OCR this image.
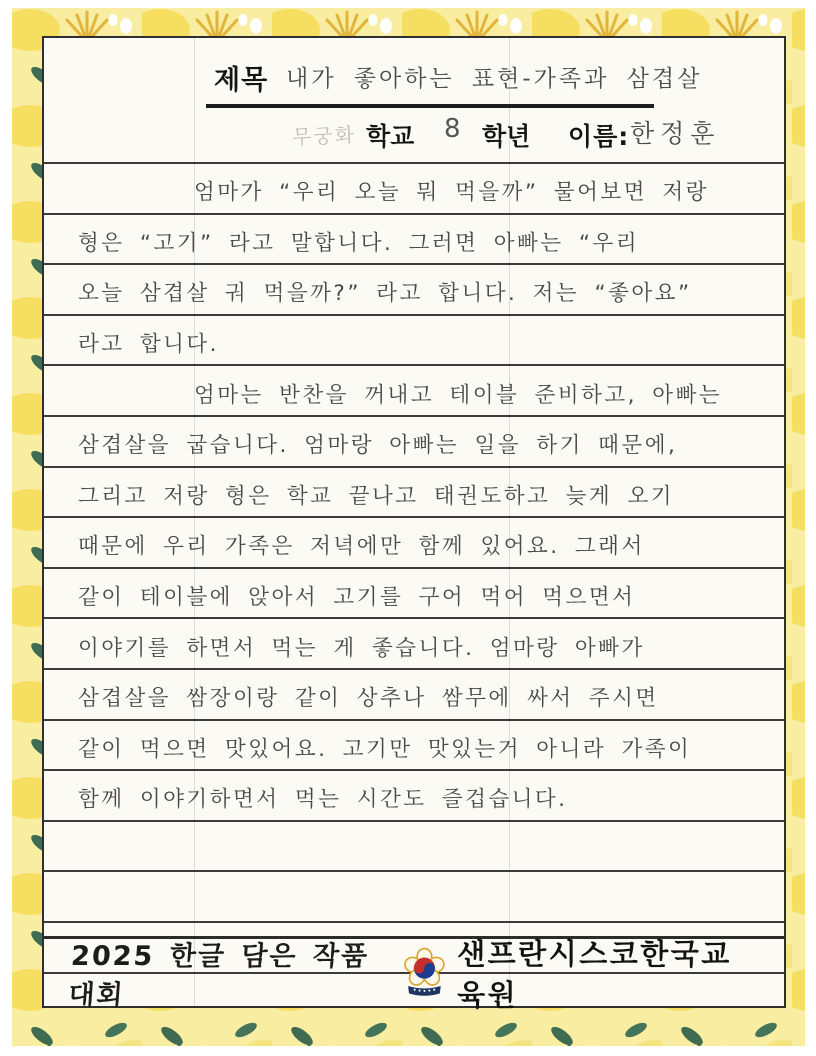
제목 내가 좋아하는 표현-가족과 삼겹살
무궁화 학교 8 학년 이름: 한정훈
엄마가 “우리 오늘 뭐 먹을까” 물어보면 저랑
형은 “고기” 라고 말합니다. 그러면 아빠는 “우리
오늘 삼겹살 궈 먹을까?” 라고 합니다. 저는 “좋아요”
라고 합니다.
엄마는 반찬을 꺼내고 테이블 준비하고, 아빠는
삼겹살을 굽습니다. 엄마랑 아빠는 일을 하기 때문에,
그리고 저랑 형은 학교 끝나고 태권도하고 늦게 오기
때문에 우리 가족은 저녁에만 함께 있어요. 그래서
같이 테이블에 앉아서 고기를 구어 먹어 먹으면서
이야기를 하면서 먹는 게 좋습니다. 엄마랑 아빠가
삼겹살을 쌈장이랑 같이 상추나 쌈무에 싸서 주시면
같이 먹으면 맛있어요. 고기만 맛있는거 아니라 가족이
함께 이야기하면서 먹는 시간도 즐겁습니다.
2025 한글 담은 작품 대회
샌프란시스코한국교육원
